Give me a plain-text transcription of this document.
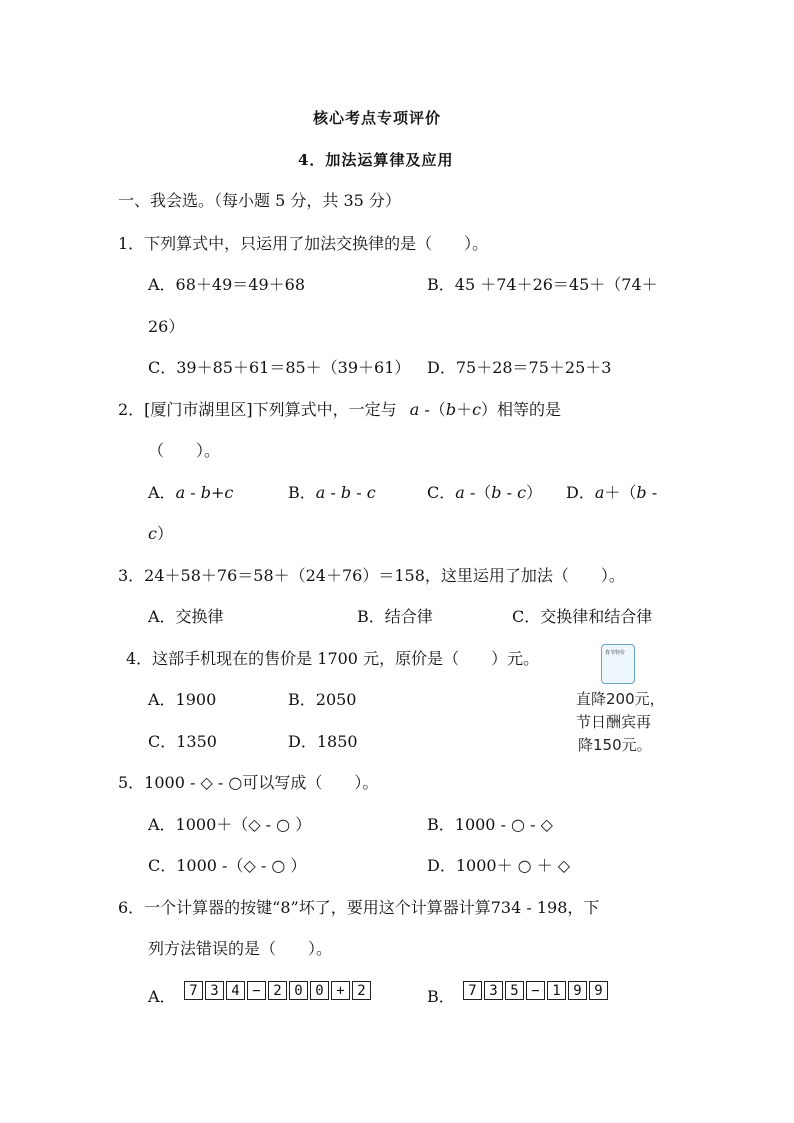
核心考点专项评价
4．加法运算律及应用
一、我会选。（每小题 5 分，共 35 分）
1．下列算式中，只运用了加法交换律的是（　　）。
A．68＋49＝49＋68	B．45 ＋74＋26＝45＋（74＋
26）
C．39＋85＋61＝85＋（39＋61） D．75＋28＝75＋25＋3
2．[厦门市湖里区]下列算式中，一定与 a -（b＋c）相等的是
（　　）。
A．a - b+c	B．a - b - c	C．a -（b - c） D．a＋（b -
c）
3．24＋58＋76＝58＋（24＋76）＝158，这里运用了加法（　　）。
A．交换律	B．结合律	C．交换律和结合律
4．这部手机现在的售价是 1700 元，原价是（　　）元。	春节特价
直降200元，
节日酬宾再
降150元。
A．1900	B．2050
C．1350	D．1850
5．1000 - ◇ - ○可以写成（　　）。
A．1000＋（◇ - ○ ）	B．1000 - ○ - ◇
C．1000 -（◇ - ○ ）	D．1000＋ ○ ＋ ◇
6．一个计算器的按键“8”坏了，要用这个计算器计算734 - 198，下
列方法错误的是（　　）。
A． 7 3 4 − 2 0 0 + 2	B． 7 3 5 − 1 9 9
